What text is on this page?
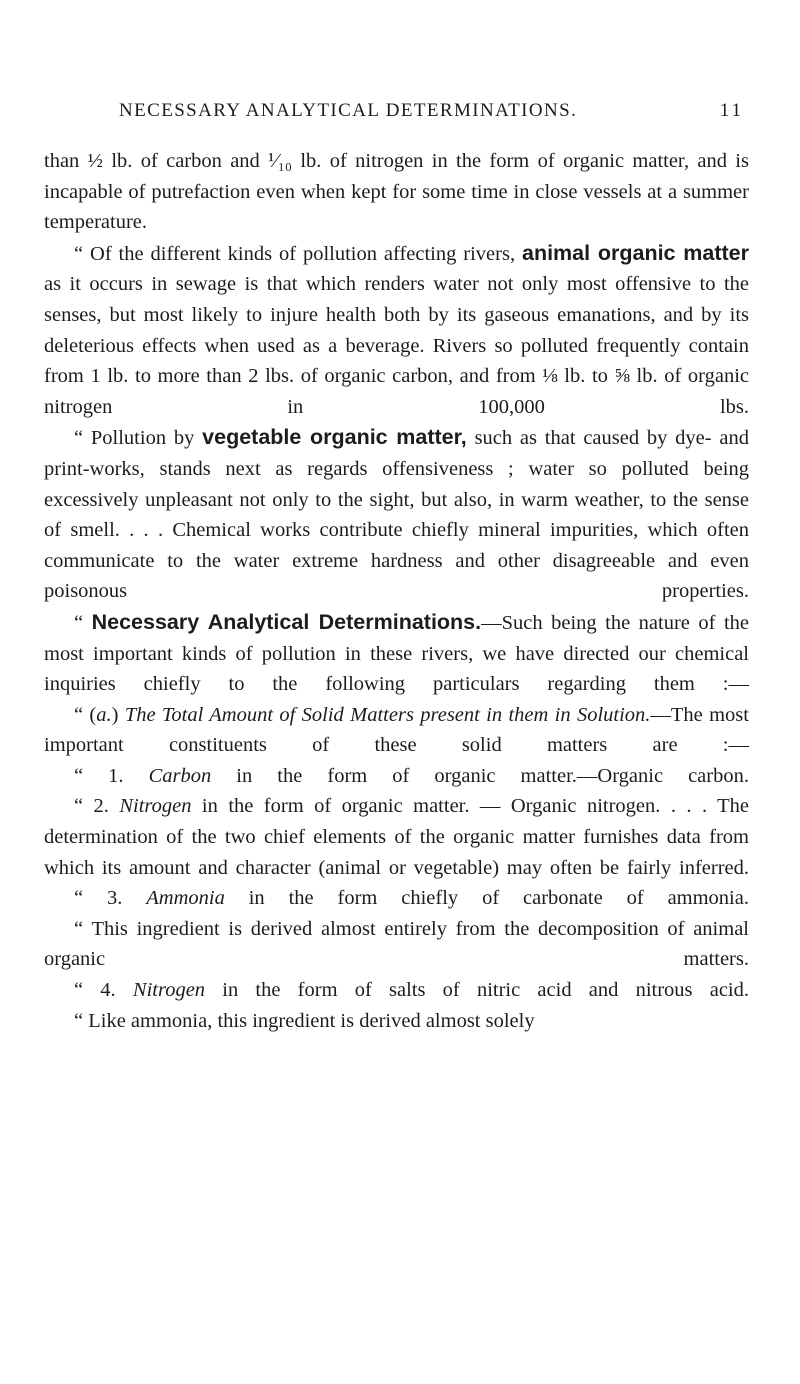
NECESSARY ANALYTICAL DETERMINATIONS.	11

than ½ lb. of carbon and ¹⁄₁₀ lb. of nitrogen in the form of organic matter, and is incapable of putrefaction even when kept for some time in close vessels at a summer temperature.

“ Of the different kinds of pollution affecting rivers, animal organic matter as it occurs in sewage is that which renders water not only most offensive to the senses, but most likely to injure health both by its gaseous emanations, and by its deleterious effects when used as a beverage. Rivers so polluted frequently contain from 1 lb. to more than 2 lbs. of organic carbon, and from ⅛ lb. to ⅝ lb. of organic nitrogen in 100,000 lbs.

“ Pollution by vegetable organic matter, such as that caused by dye- and print-works, stands next as regards offensiveness ; water so polluted being excessively unpleasant not only to the sight, but also, in warm weather, to the sense of smell. . . . Chemical works contribute chiefly mineral impurities, which often communicate to the water extreme hardness and other disagreeable and even poisonous properties.

“ Necessary Analytical Determinations.—Such being the nature of the most important kinds of pollution in these rivers, we have directed our chemical inquiries chiefly to the following particulars regarding them :—

“ (a.) The Total Amount of Solid Matters present in them in Solution.—The most important constituents of these solid matters are :—

“ 1. Carbon in the form of organic matter.—Organic carbon.

“ 2. Nitrogen in the form of organic matter. — Organic nitrogen. . . . The determination of the two chief elements of the organic matter furnishes data from which its amount and character (animal or vegetable) may often be fairly inferred.

“ 3. Ammonia in the form chiefly of carbonate of ammonia.

“ This ingredient is derived almost entirely from the decomposition of animal organic matters.

“ 4. Nitrogen in the form of salts of nitric acid and nitrous acid.

“ Like ammonia, this ingredient is derived almost solely
